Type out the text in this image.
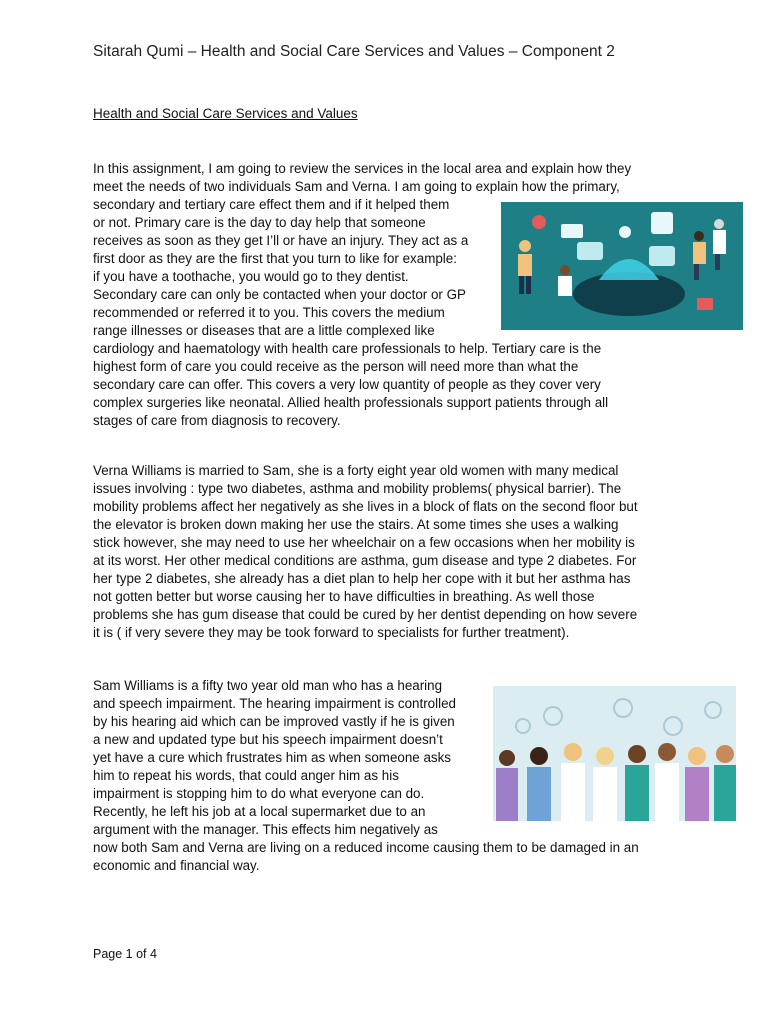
Sitarah Qumi – Health and Social Care Services and Values – Component 2
Health and Social Care Services and Values
In this assignment, I am going to review the services in the local area and explain how they
meet the needs of two individuals Sam and Verna. I am going to explain how the primary,
secondary and tertiary care effect them and if it helped them
or not. Primary care is the day to day help that someone
receives as soon as they get I’ll or have an injury. They act as a
first door as they are the first that you turn to like for example:
if you have a toothache, you would go to they dentist.
Secondary care can only be contacted when your doctor or GP
recommended or referred it to you. This covers the medium
range illnesses or diseases that are a little complexed like
cardiology and haematology with health care professionals to help. Tertiary care is the
highest form of care you could receive as the person will need more than what the
secondary care can offer. This covers a very low quantity of people as they cover very
complex surgeries like neonatal. Allied health professionals support patients through all
stages of care from diagnosis to recovery.
Verna Williams is married to Sam, she is a forty eight year old women with many medical
issues involving : type two diabetes, asthma and mobility problems( physical barrier). The
mobility problems affect her negatively as she lives in a block of flats on the second floor but
the elevator is broken down making her use the stairs. At some times she uses a walking
stick however, she may need to use her wheelchair on a few occasions when her mobility is
at its worst. Her other medical conditions are asthma, gum disease and type 2 diabetes. For
her type 2 diabetes, she already has a diet plan to help her cope with it but her asthma has
not gotten better but worse causing her to have difficulties in breathing. As well those
problems she has gum disease that could be cured by her dentist depending on how severe
it is ( if very severe they may be took forward to specialists for further treatment).
Sam Williams is a fifty two year old man who has a hearing
and speech impairment. The hearing impairment is controlled
by his hearing aid which can be improved vastly if he is given
a new and updated type but his speech impairment doesn’t
yet have a cure which frustrates him as when someone asks
him to repeat his words, that could anger him as his
impairment is stopping him to do what everyone can do.
Recently, he left his job at a local supermarket due to an
argument with the manager. This effects him negatively as
now both Sam and Verna are living on a reduced income causing them to be damaged in an
economic and financial way.
Page 1 of 4
